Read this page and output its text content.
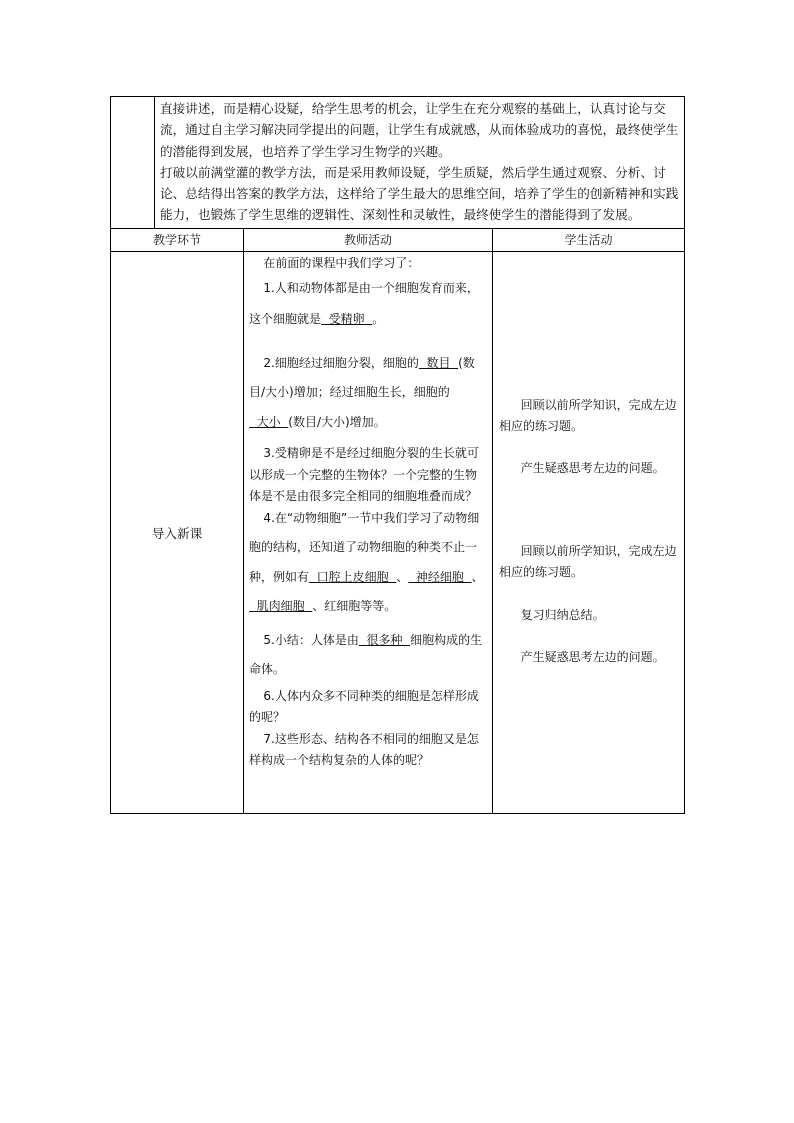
直接讲述，而是精心设疑，给学生思考的机会，让学生在充分观察的基础上，认真讨论与交流，通过自主学习解决同学提出的问题，让学生有成就感，从而体验成功的喜悦，最终使学生的潜能得到发展，也培养了学生学习生物学的兴趣。

打破以前满堂灌的教学方法，而是采用教师设疑，学生质疑，然后学生通过观察、分析、讨论、总结得出答案的教学方法，这样给了学生最大的思维空间，培养了学生的创新精神和实践能力，也锻炼了学生思维的逻辑性、深刻性和灵敏性，最终使学生的潜能得到了发展。

教学环节	教师活动	学生活动
导入新课

在前面的课程中我们学习了：

1.人和动物体都是由一个细胞发育而来，这个细胞就是  受精卵  。

2.细胞经过细胞分裂，细胞的  数目  (数目/大小)增加；经过细胞生长，细胞的  大小  (数目/大小)增加。

3.受精卵是不是经过细胞分裂的生长就可以形成一个完整的生物体？一个完整的生物体是不是由很多完全相同的细胞堆叠而成？

4.在“动物细胞”一节中我们学习了动物细胞的结构，还知道了动物细胞的种类不止一种，例如有  口腔上皮细胞  、  神经细胞  、  肌肉细胞  、红细胞等等。

5.小结：人体是由  很多种  细胞构成的生命体。

6.人体内众多不同种类的细胞是怎样形成的呢？

7.这些形态、结构各不相同的细胞又是怎样构成一个结构复杂的人体的呢？

回顾以前所学知识，完成左边相应的练习题。

产生疑惑思考左边的问题。

回顾以前所学知识，完成左边相应的练习题。

复习归纳总结。

产生疑惑思考左边的问题。
